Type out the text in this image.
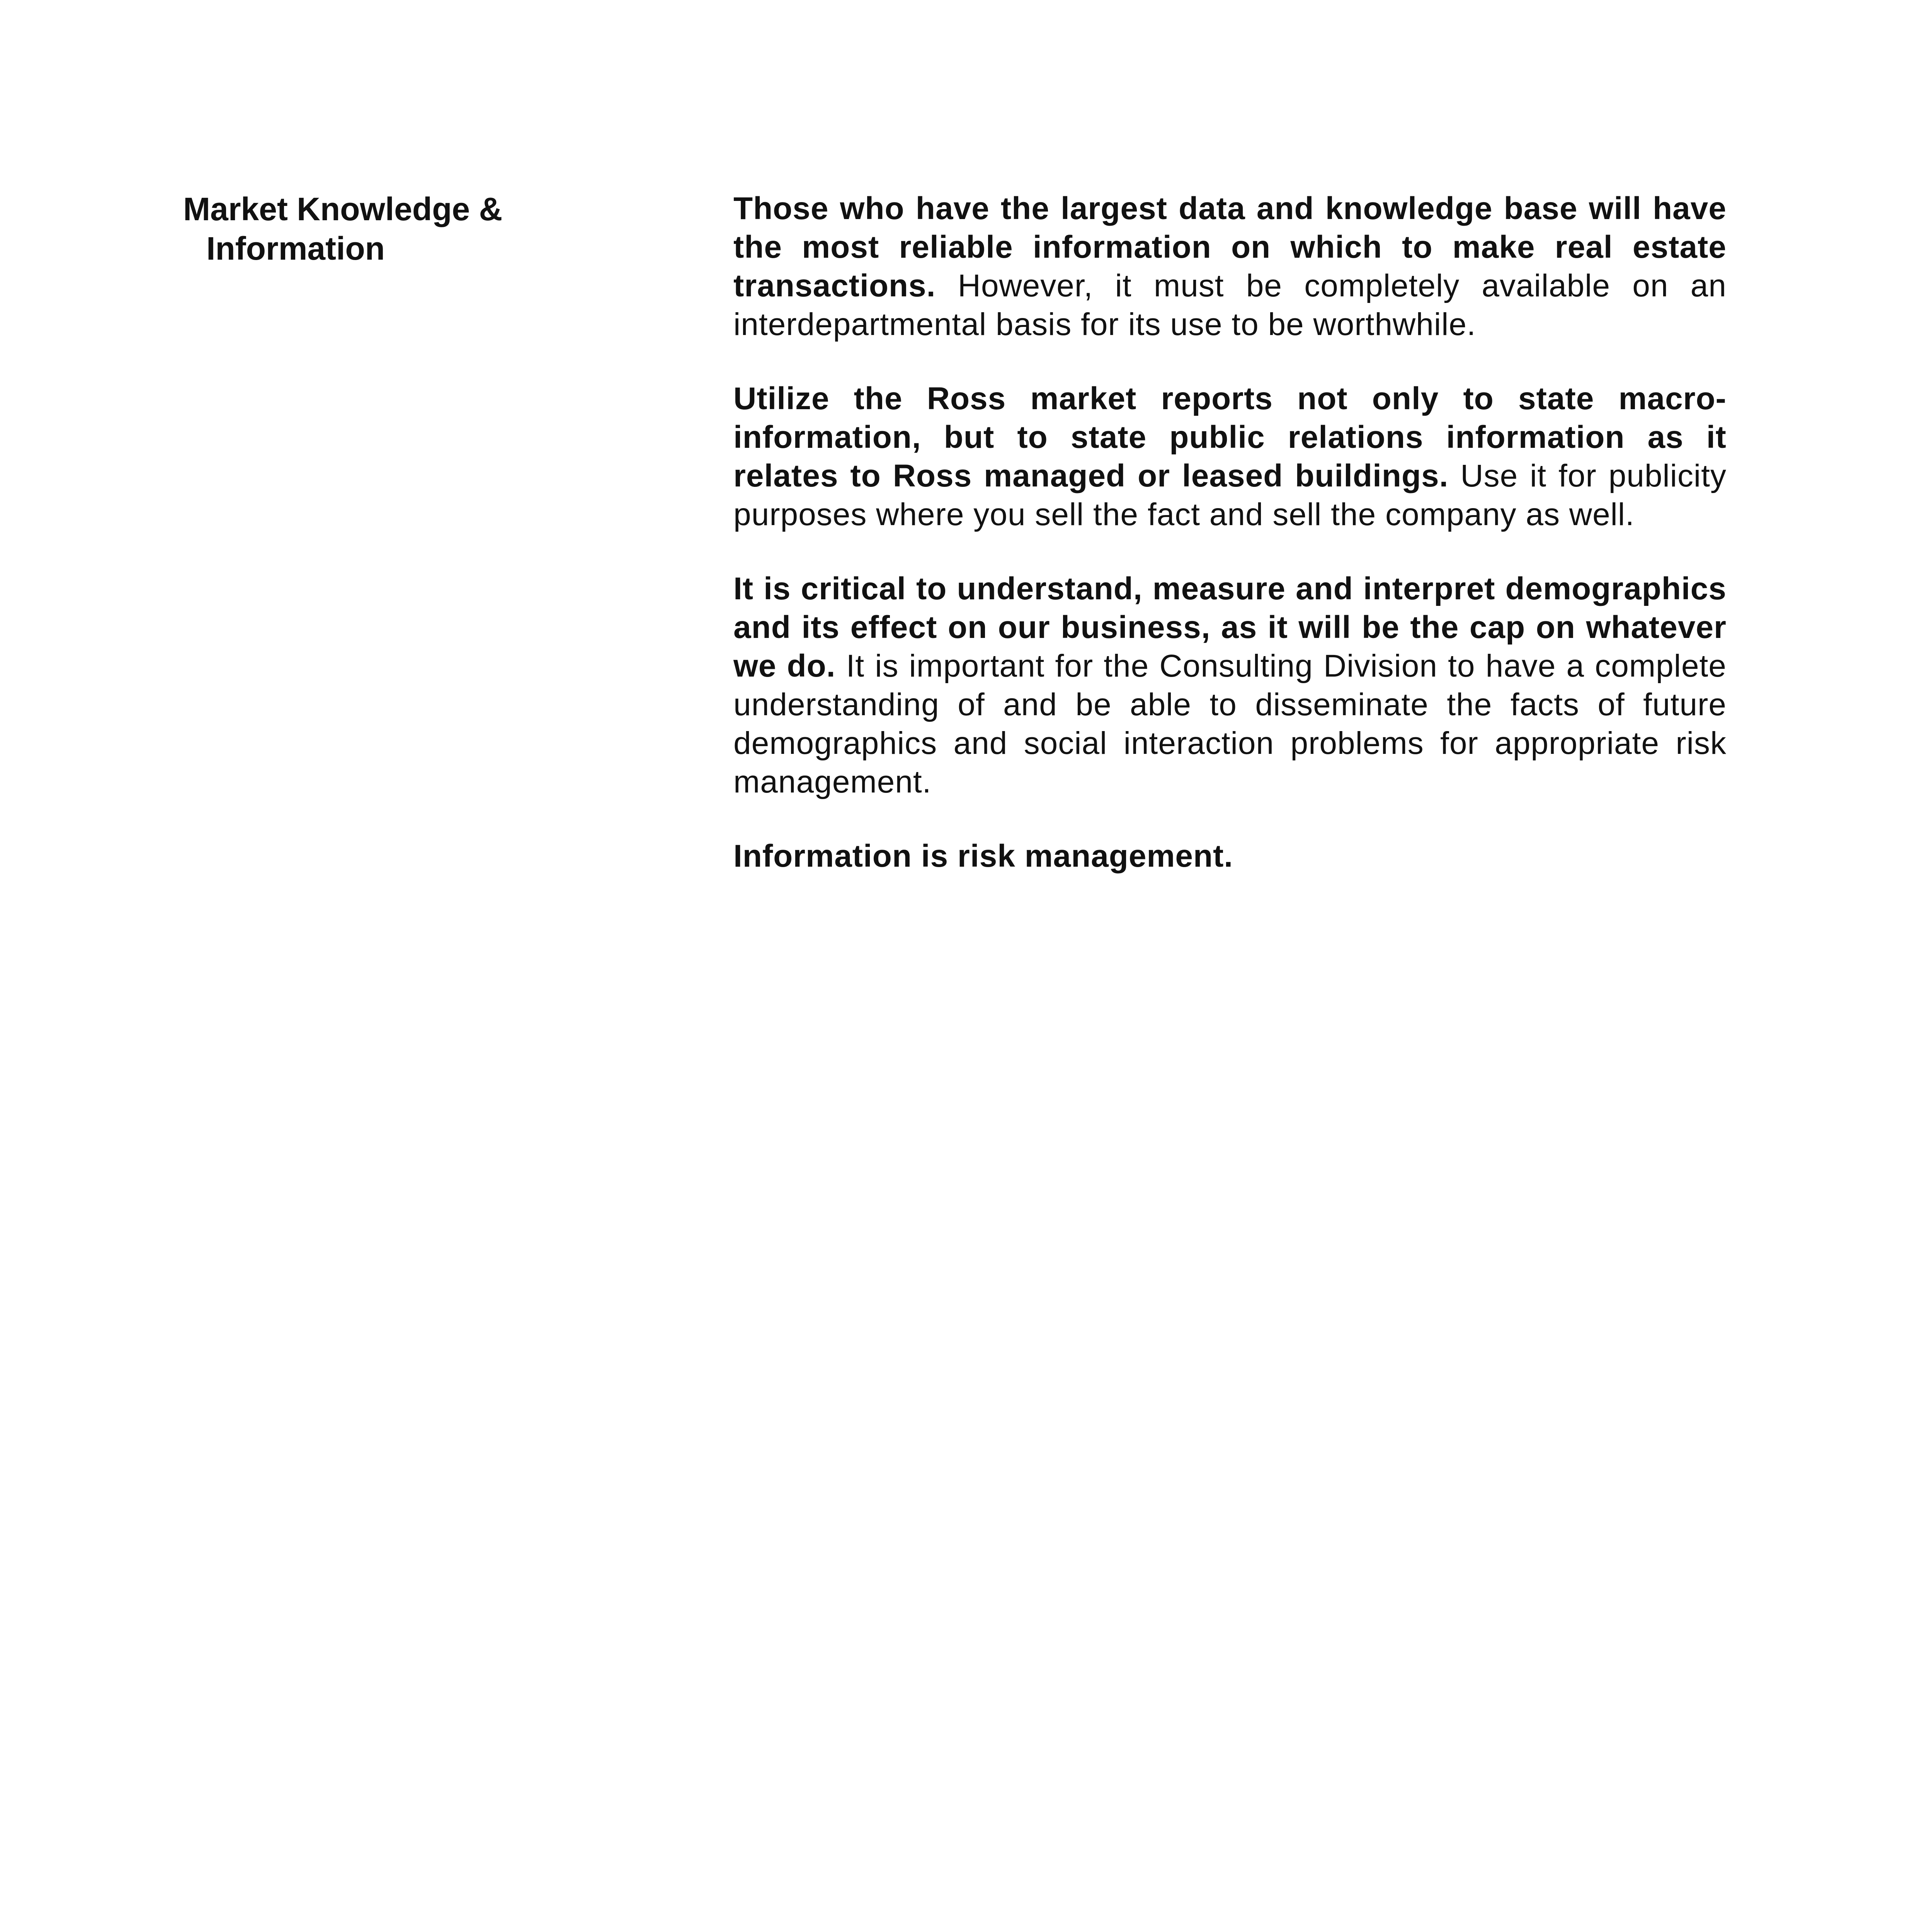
Market Knowledge &
Information

Those who have the largest data and knowledge base will have the most reliable information on which to make real estate transactions. However, it must be completely available on an interdepartmental basis for its use to be worthwhile.

Utilize the Ross market reports not only to state macro-information, but to state public relations information as it relates to Ross managed or leased buildings. Use it for publicity purposes where you sell the fact and sell the company as well.

It is critical to understand, measure and interpret demographics and its effect on our business, as it will be the cap on whatever we do. It is important for the Consulting Division to have a complete understanding of and be able to disseminate the facts of future demographics and social interaction problems for appropriate risk management.

Information is risk management.
